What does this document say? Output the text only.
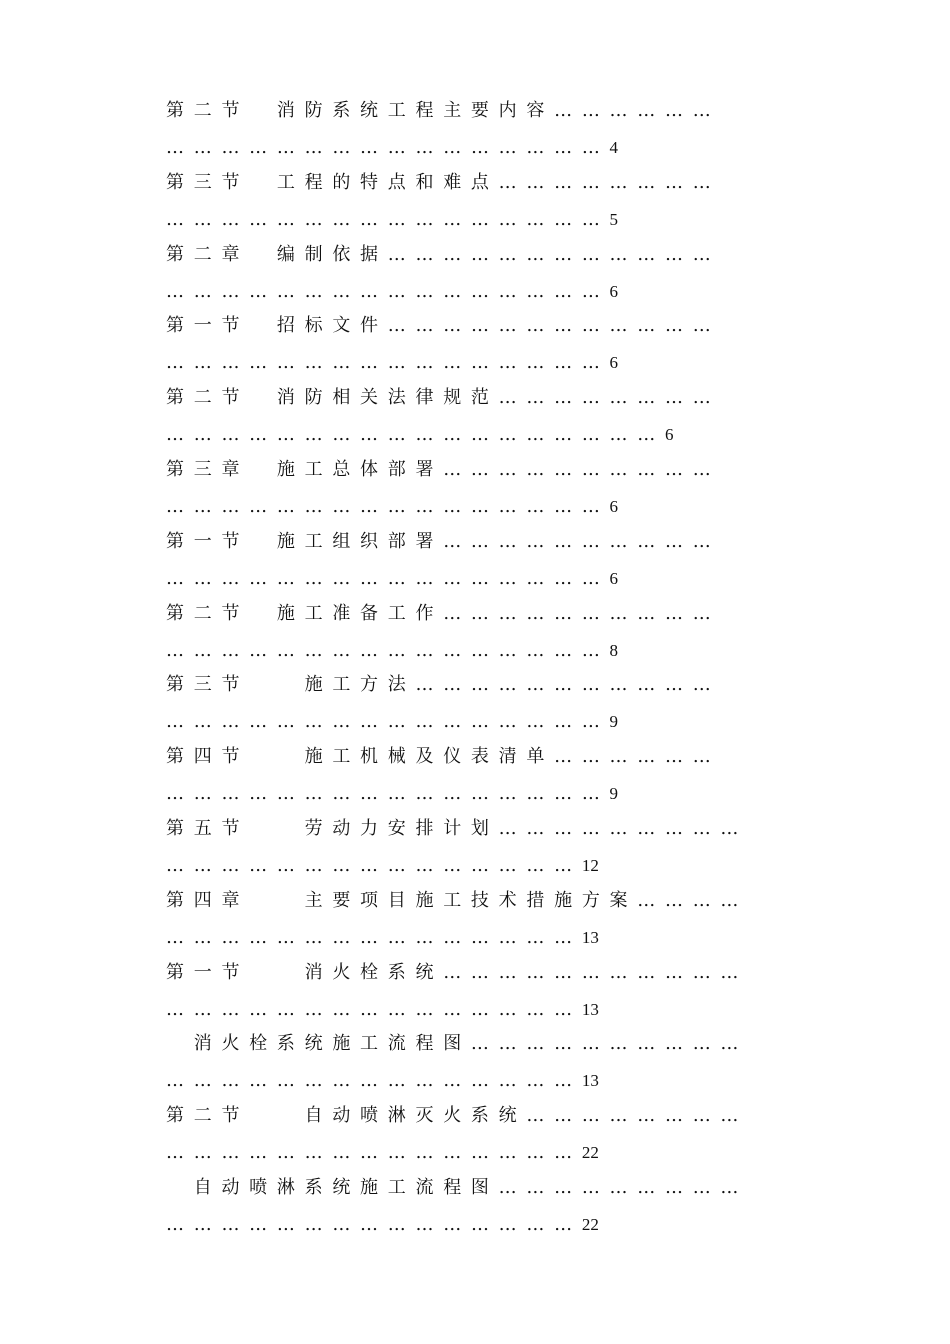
第 二 节 　 消 防 系 统 工 程 主 要 内 容 … … … … … …
… … … … … … … … … … … … … … … … 4
第 三 节 　 工 程 的 特 点 和 难 点 … … … … … … … …
… … … … … … … … … … … … … … … … 5
第 二 章 　 编 制 依 据 … … … … … … … … … … … …
… … … … … … … … … … … … … … … … 6
第 一 节 　 招 标 文 件 … … … … … … … … … … … …
… … … … … … … … … … … … … … … … 6
第 二 节 　 消 防 相 关 法 律 规 范 … … … … … … … …
… … … … … … … … … … … … … … … … … … 6
第 三 章 　 施 工 总 体 部 署 … … … … … … … … … …
… … … … … … … … … … … … … … … … 6
第 一 节 　 施 工 组 织 部 署 … … … … … … … … … …
… … … … … … … … … … … … … … … … 6
第 二 节 　 施 工 准 备 工 作 … … … … … … … … … …
… … … … … … … … … … … … … … … … 8
第 三 节 　 　 施 工 方 法 … … … … … … … … … … …
… … … … … … … … … … … … … … … … 9
第 四 节 　 　 施 工 机 械 及 仪 表 清 单 … … … … … …
… … … … … … … … … … … … … … … … 9
第 五 节 　 　 劳 动 力 安 排 计 划 … … … … … … … … …
… … … … … … … … … … … … … … … 12
第 四 章 　 　 主 要 项 目 施 工 技 术 措 施 方 案 … … … …
… … … … … … … … … … … … … … … 13
第 一 节 　 　 消 火 栓 系 统 … … … … … … … … … … …
… … … … … … … … … … … … … … … 13
　 消 火 栓 系 统 施 工 流 程 图 … … … … … … … … … …
… … … … … … … … … … … … … … … 13
第 二 节 　 　 自 动 喷 淋 灭 火 系 统 … … … … … … … …
… … … … … … … … … … … … … … … 22
　 自 动 喷 淋 系 统 施 工 流 程 图 … … … … … … … … …
… … … … … … … … … … … … … … … 22
